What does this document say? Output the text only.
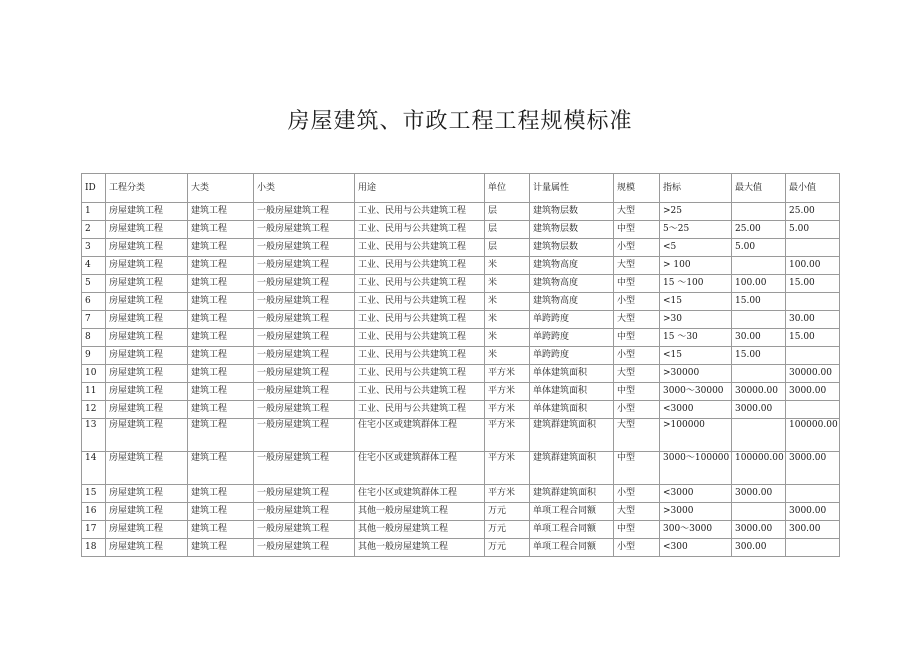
房屋建筑、市政工程工程规模标准
ID	工程分类	大类	小类	用途	单位	计量属性	规模	指标	最大值	最小值
1	房屋建筑工程	建筑工程	一般房屋建筑工程	工业、民用与公共建筑工程	层	建筑物层数	大型	>25		25.00
2	房屋建筑工程	建筑工程	一般房屋建筑工程	工业、民用与公共建筑工程	层	建筑物层数	中型	5～25	25.00	5.00
3	房屋建筑工程	建筑工程	一般房屋建筑工程	工业、民用与公共建筑工程	层	建筑物层数	小型	<5	5.00	
4	房屋建筑工程	建筑工程	一般房屋建筑工程	工业、民用与公共建筑工程	米	建筑物高度	大型	> 100		100.00
5	房屋建筑工程	建筑工程	一般房屋建筑工程	工业、民用与公共建筑工程	米	建筑物高度	中型	15 ～100	100.00	15.00
6	房屋建筑工程	建筑工程	一般房屋建筑工程	工业、民用与公共建筑工程	米	建筑物高度	小型	<15	15.00	
7	房屋建筑工程	建筑工程	一般房屋建筑工程	工业、民用与公共建筑工程	米	单跨跨度	大型	>30		30.00
8	房屋建筑工程	建筑工程	一般房屋建筑工程	工业、民用与公共建筑工程	米	单跨跨度	中型	15 ～30	30.00	15.00
9	房屋建筑工程	建筑工程	一般房屋建筑工程	工业、民用与公共建筑工程	米	单跨跨度	小型	<15	15.00	
10	房屋建筑工程	建筑工程	一般房屋建筑工程	工业、民用与公共建筑工程	平方米	单体建筑面积	大型	>30000		30000.00
11	房屋建筑工程	建筑工程	一般房屋建筑工程	工业、民用与公共建筑工程	平方米	单体建筑面积	中型	3000～30000	30000.00	3000.00
12	房屋建筑工程	建筑工程	一般房屋建筑工程	工业、民用与公共建筑工程	平方米	单体建筑面积	小型	<3000	3000.00	
13	房屋建筑工程	建筑工程	一般房屋建筑工程	住宅小区或建筑群体工程	平方米	建筑群建筑面积	大型	>100000		100000.00
14	房屋建筑工程	建筑工程	一般房屋建筑工程	住宅小区或建筑群体工程	平方米	建筑群建筑面积	中型	3000～100000	100000.00	3000.00
15	房屋建筑工程	建筑工程	一般房屋建筑工程	住宅小区或建筑群体工程	平方米	建筑群建筑面积	小型	<3000	3000.00	
16	房屋建筑工程	建筑工程	一般房屋建筑工程	其他一般房屋建筑工程	万元	单项工程合同额	大型	>3000		3000.00
17	房屋建筑工程	建筑工程	一般房屋建筑工程	其他一般房屋建筑工程	万元	单项工程合同额	中型	300～3000	3000.00	300.00
18	房屋建筑工程	建筑工程	一般房屋建筑工程	其他一般房屋建筑工程	万元	单项工程合同额	小型	<300	300.00	
